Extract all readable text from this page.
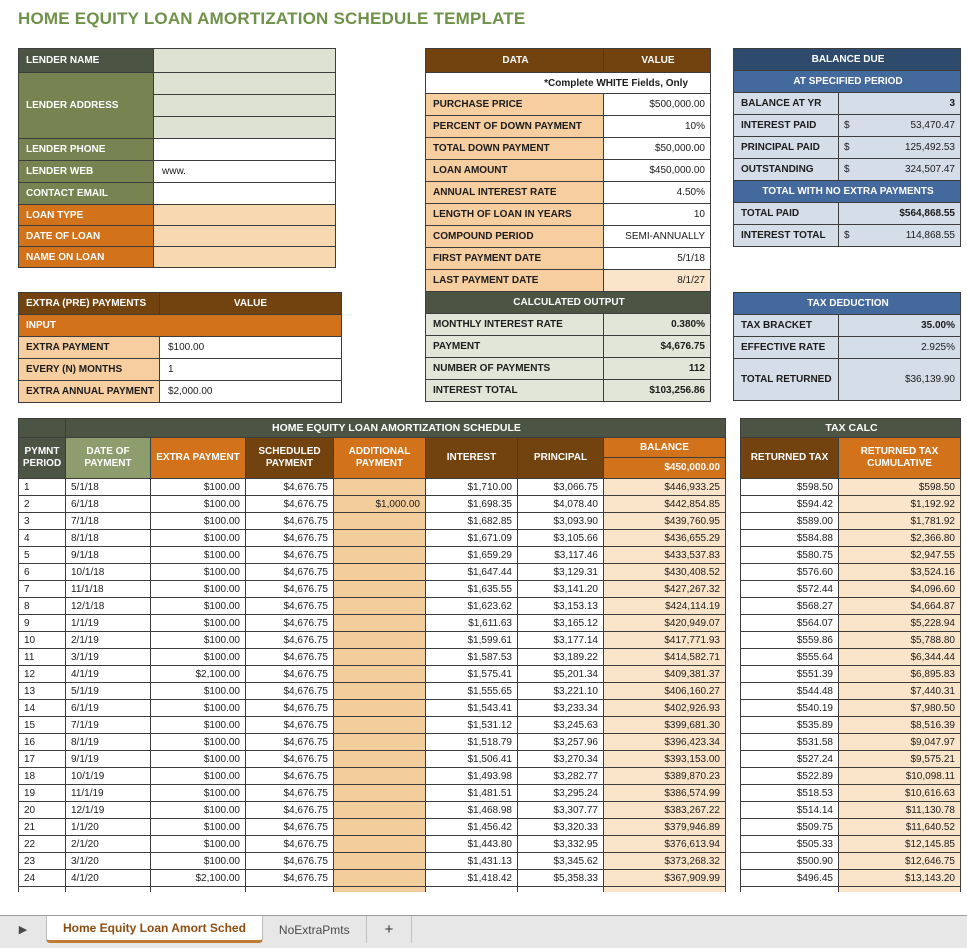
HOME EQUITY LOAN AMORTIZATION SCHEDULE TEMPLATE
LENDER NAME	
LENDER ADDRESS	

LENDER PHONE	
LENDER WEB	www.
CONTACT EMAIL	
LOAN TYPE	
DATE OF LOAN	
NAME ON LOAN	
EXTRA (PRE) PAYMENTS	VALUE
INPUT	
EXTRA PAYMENT	$100.00
EVERY (N) MONTHS	1
EXTRA ANNUAL PAYMENT	$2,000.00
DATA	VALUE
*Complete WHITE Fields, Only	
PURCHASE PRICE	$500,000.00
PERCENT OF DOWN PAYMENT	10%
TOTAL DOWN PAYMENT	$50,000.00
LOAN AMOUNT	$450,000.00
ANNUAL INTEREST RATE	4.50%
LENGTH OF LOAN IN YEARS	10
COMPOUND PERIOD	SEMI-ANNUALLY
FIRST PAYMENT DATE	5/1/18
LAST PAYMENT DATE	8/1/27
CALCULATED OUTPUT	
MONTHLY INTEREST RATE	0.380%
PAYMENT	$4,676.75
NUMBER OF PAYMENTS	112
INTEREST TOTAL	$103,256.86
BALANCE DUE	
AT SPECIFIED PERIOD	
BALANCE AT YR	3

INTEREST PAID	$ 53,470.47

PRINCIPAL PAID	$ 125,492.53

OUTSTANDING	$ 324,507.47

TOTAL WITH NO EXTRA PAYMENTS	
TOTAL PAID	$564,868.55

INTEREST TOTAL	$ 114,868.55
TAX DEDUCTION	
TAX BRACKET	35.00%
EFFECTIVE RATE	2.925%
TOTAL RETURNED	$36,139.90
	HOME EQUITY LOAN AMORTIZATION SCHEDULE						
PYMNT PERIOD	DATE OF PAYMENT	EXTRA PAYMENT	SCHEDULED PAYMENT	ADDITIONAL PAYMENT	INTEREST	PRINCIPAL	BALANCE
$450,000.00

1	5/1/18	$100.00	$4,676.75		$1,710.00	$3,066.75	$446,933.25
2	6/1/18	$100.00	$4,676.75	$1,000.00	$1,698.35	$4,078.40	$442,854.85
3	7/1/18	$100.00	$4,676.75		$1,682.85	$3,093.90	$439,760.95
4	8/1/18	$100.00	$4,676.75		$1,671.09	$3,105.66	$436,655.29
5	9/1/18	$100.00	$4,676.75		$1,659.29	$3,117.46	$433,537.83
6	10/1/18	$100.00	$4,676.75		$1,647.44	$3,129.31	$430,408.52
7	11/1/18	$100.00	$4,676.75		$1,635.55	$3,141.20	$427,267.32
8	12/1/18	$100.00	$4,676.75		$1,623.62	$3,153.13	$424,114.19
9	1/1/19	$100.00	$4,676.75		$1,611.63	$3,165.12	$420,949.07
10	2/1/19	$100.00	$4,676.75		$1,599.61	$3,177.14	$417,771.93
11	3/1/19	$100.00	$4,676.75		$1,587.53	$3,189.22	$414,582.71
12	4/1/19	$2,100.00	$4,676.75		$1,575.41	$5,201.34	$409,381.37
13	5/1/19	$100.00	$4,676.75		$1,555.65	$3,221.10	$406,160.27
14	6/1/19	$100.00	$4,676.75		$1,543.41	$3,233.34	$402,926.93
15	7/1/19	$100.00	$4,676.75		$1,531.12	$3,245.63	$399,681.30
16	8/1/19	$100.00	$4,676.75		$1,518.79	$3,257.96	$396,423.34
17	9/1/19	$100.00	$4,676.75		$1,506.41	$3,270.34	$393,153.00
18	10/1/19	$100.00	$4,676.75		$1,493.98	$3,282.77	$389,870.23
19	11/1/19	$100.00	$4,676.75		$1,481.51	$3,295.24	$386,574.99
20	12/1/19	$100.00	$4,676.75		$1,468.98	$3,307.77	$383,267.22
21	1/1/20	$100.00	$4,676.75		$1,456.42	$3,320.33	$379,946.89
22	2/1/20	$100.00	$4,676.75		$1,443.80	$3,332.95	$376,613.94
23	3/1/20	$100.00	$4,676.75		$1,431.13	$3,345.62	$373,268.32
24	4/1/20	$2,100.00	$4,676.75		$1,418.42	$5,358.33	$367,909.99

TAX CALC	
RETURNED TAX	RETURNED TAX CUMULATIVE
$598.50	$598.50
$594.42	$1,192.92
$589.00	$1,781.92
$584.88	$2,366.80
$580.75	$2,947.55
$576.60	$3,524.16
$572.44	$4,096.60
$568.27	$4,664.87
$564.07	$5,228.94
$559.86	$5,788.80
$555.64	$6,344.44
$551.39	$6,895.83
$544.48	$7,440.31
$540.19	$7,980.50
$535.89	$8,516.39
$531.58	$9,047.97
$527.24	$9,575.21
$522.89	$10,098.11
$518.53	$10,616.63
$514.14	$11,130.78
$509.75	$11,640.52
$505.33	$12,145.85
$500.90	$12,646.75
$496.45	$13,143.20

▶	Home Equity Loan Amort Sched	NoExtraPmts +
